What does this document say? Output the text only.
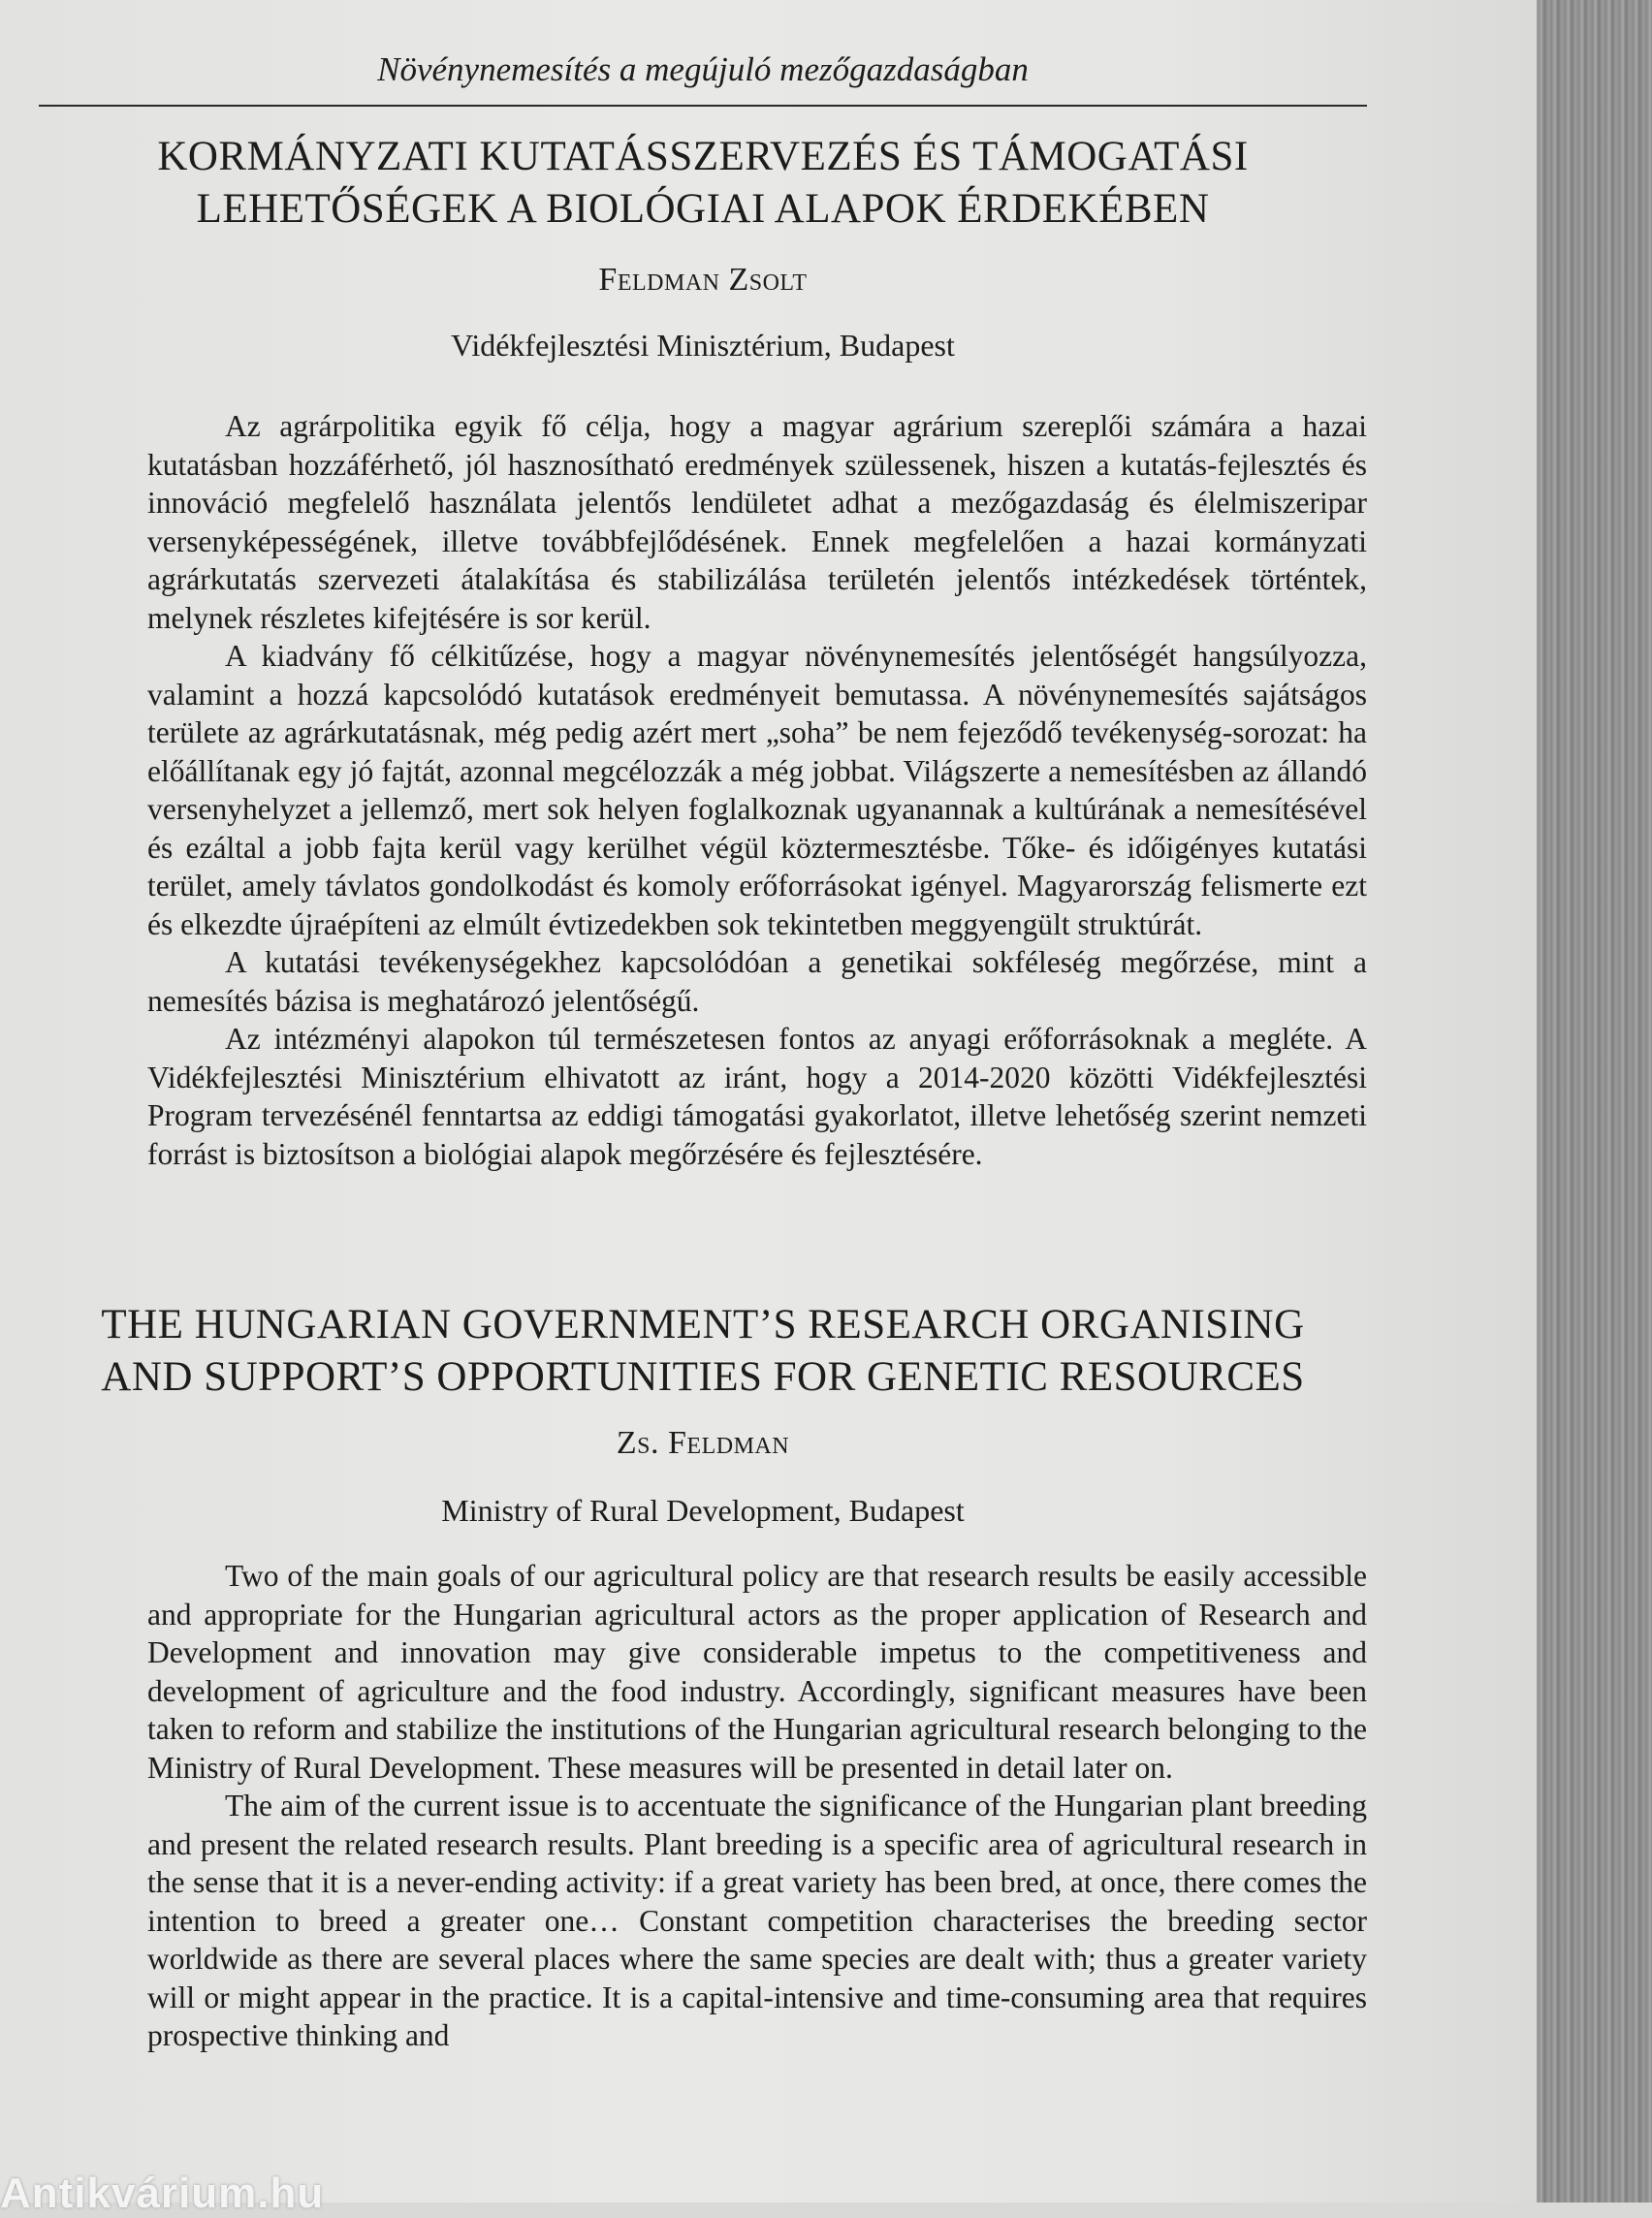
Növénynemesítés a megújuló mezőgazdaságban
KORMÁNYZATI KUTATÁSSZERVEZÉS ÉS TÁMOGATÁSI
LEHETŐSÉGEK A BIOLÓGIAI ALAPOK ÉRDEKÉBEN
Feldman Zsolt
Vidékfejlesztési Minisztérium, Budapest

Az agrárpolitika egyik fő célja, hogy a magyar agrárium szereplői számára a hazai kutatásban hozzáférhető, jól hasznosítható eredmények szülessenek, hiszen a kutatás-fejlesztés és innováció megfelelő használata jelentős lendületet adhat a mezőgazdaság és élelmiszeripar versenyképességének, illetve továbbfejlődésének. Ennek megfelelően a hazai kormányzati agrárkutatás szervezeti átalakítása és stabilizálása területén jelentős intézkedések történtek, melynek részletes kifejtésére is sor kerül.

A kiadvány fő célkitűzése, hogy a magyar növénynemesítés jelentőségét hangsúlyozza, valamint a hozzá kapcsolódó kutatások eredményeit bemutassa. A növénynemesítés sajátságos területe az agrárkutatásnak, még pedig azért mert „soha” be nem fejeződő tevékenység-sorozat: ha előállítanak egy jó fajtát, azonnal megcélozzák a még jobbat. Világszerte a nemesítésben az állandó versenyhelyzet a jellemző, mert sok helyen foglalkoznak ugyanannak a kultúrának a nemesítésével és ezáltal a jobb fajta kerül vagy kerülhet végül köztermesztésbe. Tőke- és időigényes kutatási terület, amely távlatos gondolkodást és komoly erőforrásokat igényel. Magyarország felismerte ezt és elkezdte újraépíteni az elmúlt évtizedekben sok tekintetben meggyengült struktúrát.

A kutatási tevékenységekhez kapcsolódóan a genetikai sokféleség megőrzése, mint a nemesítés bázisa is meghatározó jelentőségű.

Az intézményi alapokon túl természetesen fontos az anyagi erőforrásoknak a megléte. A Vidékfejlesztési Minisztérium elhivatott az iránt, hogy a 2014-2020 közötti Vidékfejlesztési Program tervezésénél fenntartsa az eddigi támogatási gyakorlatot, illetve lehetőség szerint nemzeti forrást is biztosítson a biológiai alapok megőrzésére és fejlesztésére.

THE HUNGARIAN GOVERNMENT’S RESEARCH ORGANISING
AND SUPPORT’S OPPORTUNITIES FOR GENETIC RESOURCES
Zs. Feldman
Ministry of Rural Development, Budapest

Two of the main goals of our agricultural policy are that research results be easily accessible and appropriate for the Hungarian agricultural actors as the proper application of Research and Development and innovation may give considerable impetus to the competitiveness and development of agriculture and the food industry. Accordingly, significant measures have been taken to reform and stabilize the institutions of the Hungarian agricultural research belonging to the Ministry of Rural Development. These measures will be presented in detail later on.

The aim of the current issue is to accentuate the significance of the Hungarian plant breeding and present the related research results. Plant breeding is a specific area of agricultural research in the sense that it is a never-ending activity: if a great variety has been bred, at once, there comes the intention to breed a greater one… Constant competition characterises the breeding sector worldwide as there are several places where the same species are dealt with; thus a greater variety will or might appear in the practice. It is a capital-intensive and time-consuming area that requires prospective thinking and

Antikvárium.hu
